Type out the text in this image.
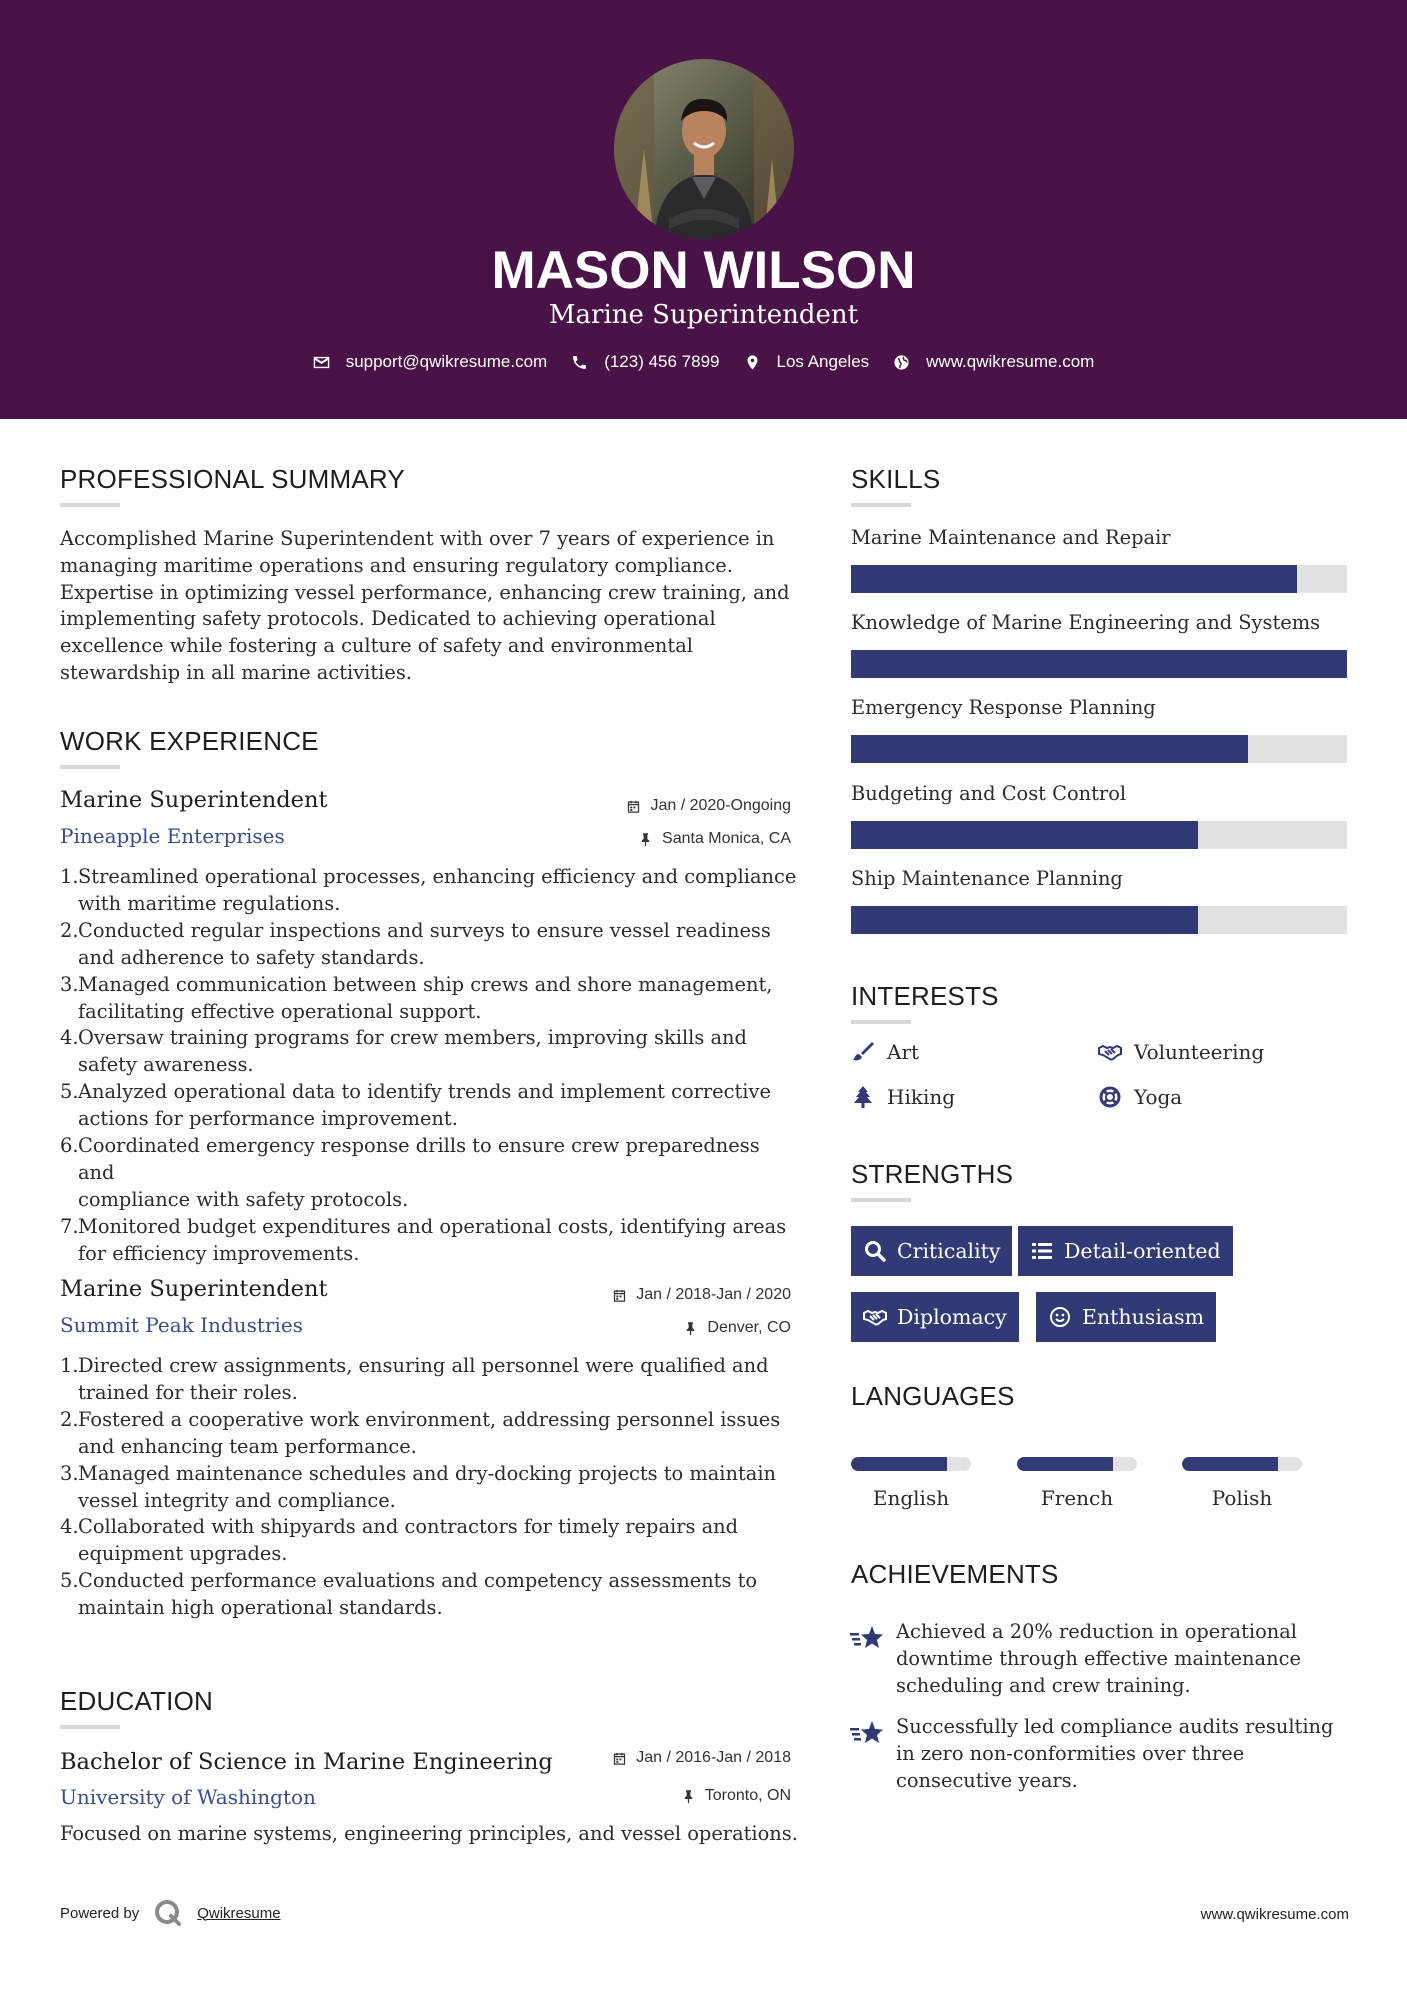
MASON WILSON
Marine Superintendent
support@qwikresume.com	(123) 456 7899	Los Angeles	www.qwikresume.com
PROFESSIONAL SUMMARY
Accomplished Marine Superintendent with over 7 years of experience in
managing maritime operations and ensuring regulatory compliance.
Expertise in optimizing vessel performance, enhancing crew training, and
implementing safety protocols. Dedicated to achieving operational
excellence while fostering a culture of safety and environmental
stewardship in all marine activities.
WORK EXPERIENCE
Marine Superintendent
Pineapple Enterprises
Jan / 2020-Ongoing
Santa Monica, CA
1. Streamlined operational processes, enhancing efficiency and compliance
with maritime regulations.
2. Conducted regular inspections and surveys to ensure vessel readiness
and adherence to safety standards.
3. Managed communication between ship crews and shore management,
facilitating effective operational support.
4. Oversaw training programs for crew members, improving skills and
safety awareness.
5. Analyzed operational data to identify trends and implement corrective
actions for performance improvement.
6. Coordinated emergency response drills to ensure crew preparedness and
compliance with safety protocols.
7. Monitored budget expenditures and operational costs, identifying areas
for efficiency improvements.
Marine Superintendent
Summit Peak Industries
Jan / 2018-Jan / 2020
Denver, CO
1. Directed crew assignments, ensuring all personnel were qualified and
trained for their roles.
2. Fostered a cooperative work environment, addressing personnel issues
and enhancing team performance.
3. Managed maintenance schedules and dry-docking projects to maintain
vessel integrity and compliance.
4. Collaborated with shipyards and contractors for timely repairs and
equipment upgrades.
5. Conducted performance evaluations and competency assessments to
maintain high operational standards.
EDUCATION
Bachelor of Science in Marine Engineering
University of Washington
Jan / 2016-Jan / 2018
Toronto, ON
Focused on marine systems, engineering principles, and vessel operations.
SKILLS
Marine Maintenance and Repair
Knowledge of Marine Engineering and Systems
Emergency Response Planning
Budgeting and Cost Control
Ship Maintenance Planning
INTERESTS
Art	Volunteering
Hiking	Yoga
STRENGTHS
Criticality	Detail-oriented
Diplomacy	Enthusiasm
LANGUAGES
English	French	Polish
ACHIEVEMENTS
Achieved a 20% reduction in operational
downtime through effective maintenance
scheduling and crew training.
Successfully led compliance audits resulting
in zero non-conformities over three
consecutive years.
Powered by	Qwikresume	www.qwikresume.com
